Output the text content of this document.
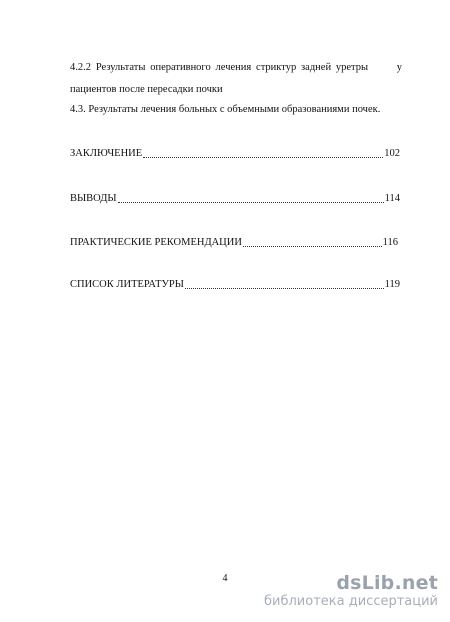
4.2.2 Результаты оперативного лечения стриктур задней уретры	у
пациентов после пересадки почки
4.3. Результаты лечения больных с объемными образованиями почек.
ЗАКЛЮЧЕНИЕ	102
ВЫВОДЫ	114
ПРАКТИЧЕСКИЕ РЕКОМЕНДАЦИИ	116
СПИСОК ЛИТЕРАТУРЫ	119
4	dsLib.net
библиотека диссертаций
